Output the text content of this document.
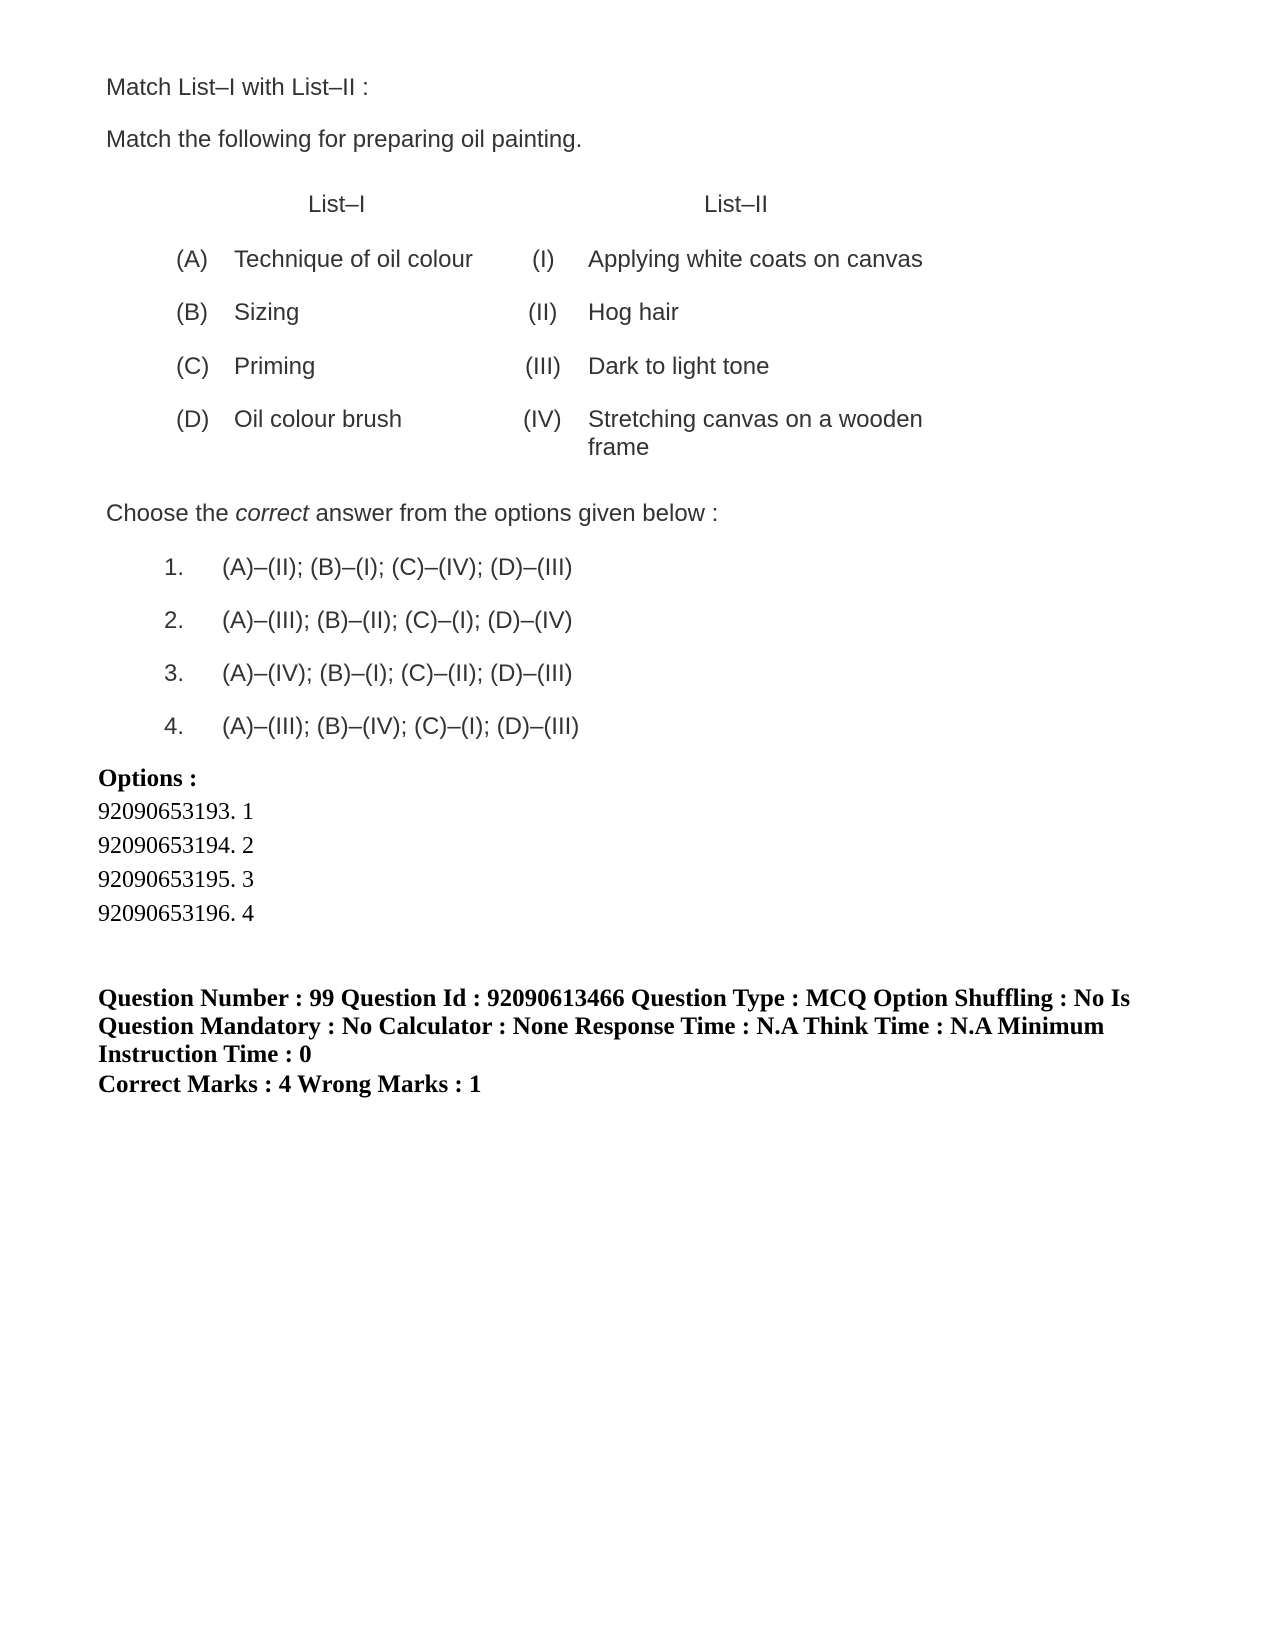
Match List–I with List–II :
Match the following for preparing oil painting.
List–I	List–II
(A) Technique of oil colour	(I) Applying white coats on canvas
(B) Sizing	(II) Hog hair
(C) Priming	(III) Dark to light tone
(D) Oil colour brush	(IV) Stretching canvas on a wooden frame
Choose the correct answer from the options given below :
1. (A)–(II); (B)–(I); (C)–(IV); (D)–(III)
2. (A)–(III); (B)–(II); (C)–(I); (D)–(IV)
3. (A)–(IV); (B)–(I); (C)–(II); (D)–(III)
4. (A)–(III); (B)–(IV); (C)–(I); (D)–(III)
Options :
92090653193. 1
92090653194. 2
92090653195. 3
92090653196. 4
Question Number : 99 Question Id : 92090613466 Question Type : MCQ Option Shuffling : No Is Question Mandatory : No Calculator : None Response Time : N.A Think Time : N.A Minimum Instruction Time : 0
Correct Marks : 4 Wrong Marks : 1
